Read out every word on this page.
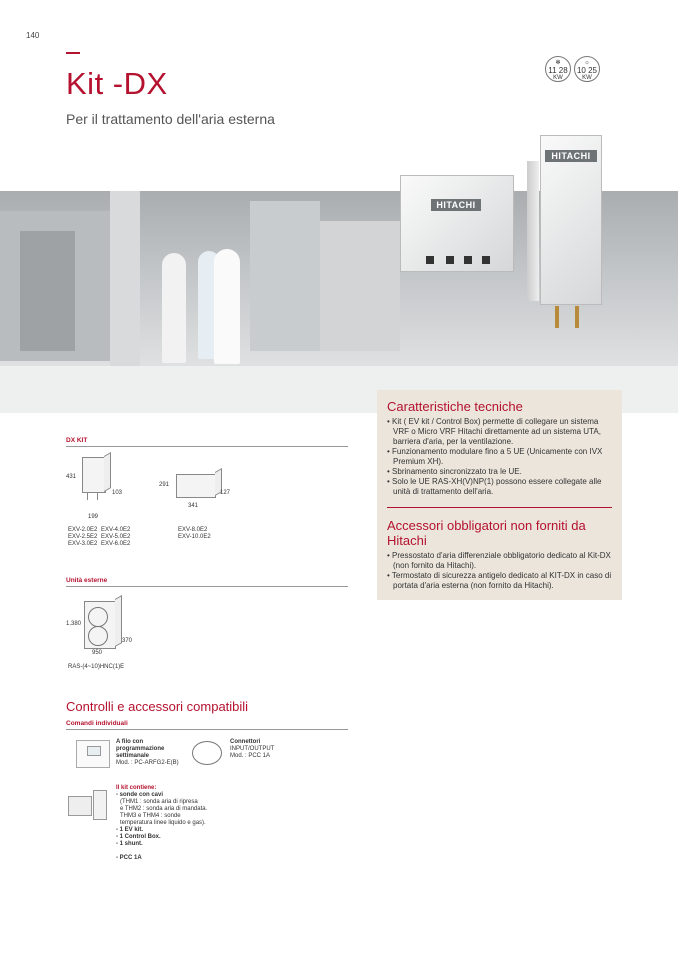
140
Kit -DX
Per il trattamento dell'aria esterna
✻
11 28
KW
☼
10 25
KW
HITACHI
HITACHI
Caratteristiche tecniche
• Kit ( EV kit / Control Box) permette di collegare un sistema VRF o Micro VRF Hitachi direttamente ad un sistema UTA, barriera d'aria, per la ventilazione.
• Funzionamento modulare fino a 5 UE (Unicamente con IVX Premium XH).
• Sbrinamento sincronizzato tra le UE.
• Solo le UE RAS-XH(V)NP(1) possono essere collegate alle unità di trattamento dell'aria.
Accessori obbligatori non forniti da Hitachi
• Pressostato d'aria differenziale obbligatorio dedicato al Kit-DX (non fornito da Hitachi).
• Termostato di sicurezza antigelo dedicato al KIT-DX in caso di portata d'aria esterna (non fornito da Hitachi).
DX KIT
431
103
199
EXV-2.0E2
EXV-2.5E2
EXV-3.0E2
EXV-4.0E2
EXV-5.0E2
EXV-6.0E2
291
127
341
EXV-8.0E2
EXV-10.0E2
Unità esterne
1.380
370
950
RAS-(4~10)HNC(1)E
Controlli e accessori compatibili
Comandi individuali
A filo con
programmazione
settimanale
Mod. : PC-ARFG2-E(B)
Connettori
INPUT/OUTPUT
Mod. : PCC 1A
Il kit contiene:
- sonde con cavi
(THM1 : sonda aria di ripresa
e THM2 : sonda aria di mandata.
THM3 e THM4 : sonde
temperatura linee liquido e gas).
- 1 EV kit.
- 1 Control Box.
- 1 shunt.
- PCC 1A
